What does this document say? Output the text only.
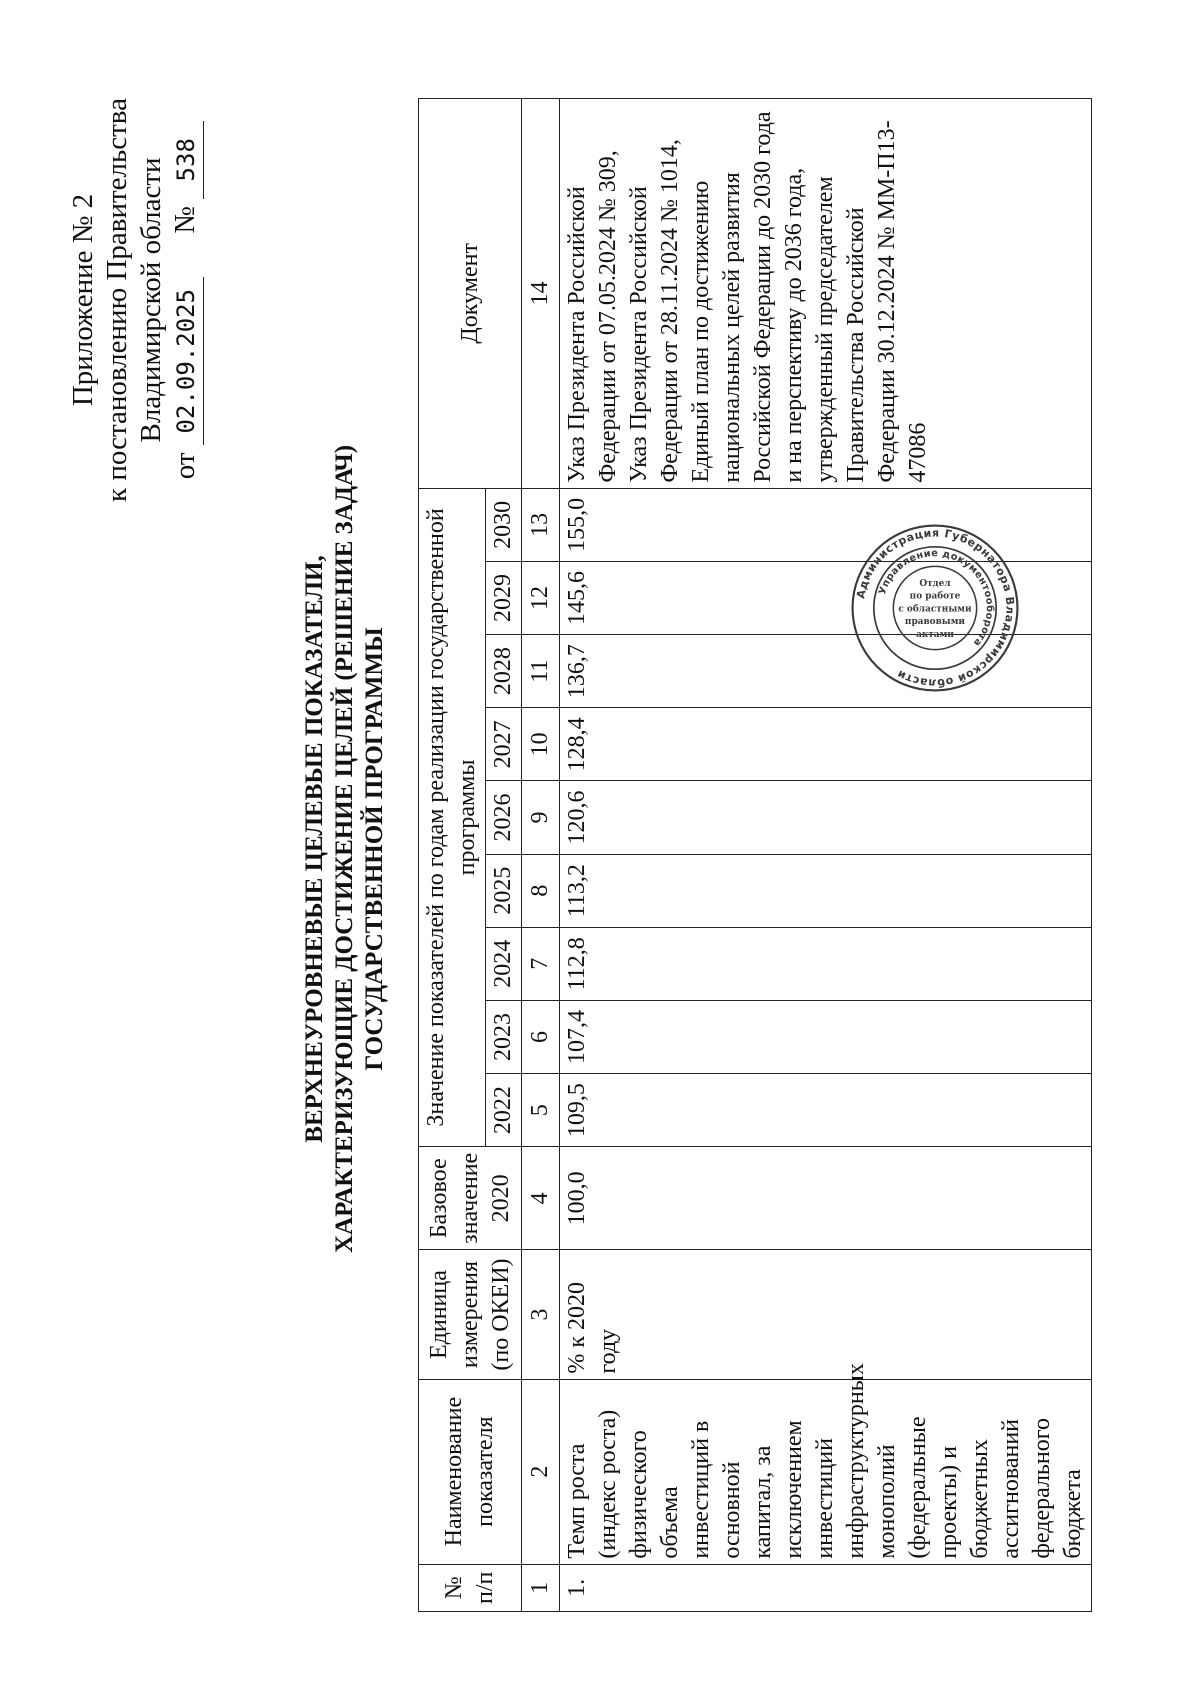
Приложение № 2 к постановлению Правительства Владимирской области
от 02.09.2025      № 538
ВЕРХНЕУРОВНЕВЫЕ ЦЕЛЕВЫЕ ПОКАЗАТЕЛИ, ХАРАКТЕРИЗУЮЩИЕ ДОСТИЖЕНИЕ ЦЕЛЕЙ (РЕШЕНИЕ ЗАДАЧ) ГОСУДАРСТВЕННОЙ ПРОГРАММЫ
№ п/п	Наименование показателя	Единица измерения (по ОКЕИ)	Базовое значение 2020	Значение показателей по годам реализации государственной программы									Документ
				2022	2023	2024	2025	2026	2027	2028	2029	2030	
1	2	3	4	5	6	7	8	9	10	11	12	13	14
1.	Темп роста (индекс роста) физического объема инвестиций в основной капитал, за исключением инвестиций инфраструктурных монополий (федеральные проекты) и бюджетных ассигнований федерального бюджета	% к 2020 году	100,0	109,5	107,4	112,8	113,2	120,6	128,4	136,7	145,6	155,0	Указ Президента Российской Федерации от 07.05.2024 № 309, Указ Президента Российской Федерации от 28.11.2024 № 1014, Единый план по достижению национальных целей развития Российской Федерации до 2030 года и на перспективу до 2036 года, утвержденный председателем Правительства Российской Федерации 30.12.2024 № ММ-П13-47086
Администрация Губернатора Владимирской области
Управление документооборота
Отдел
по работе
с областными
правовыми
актами
